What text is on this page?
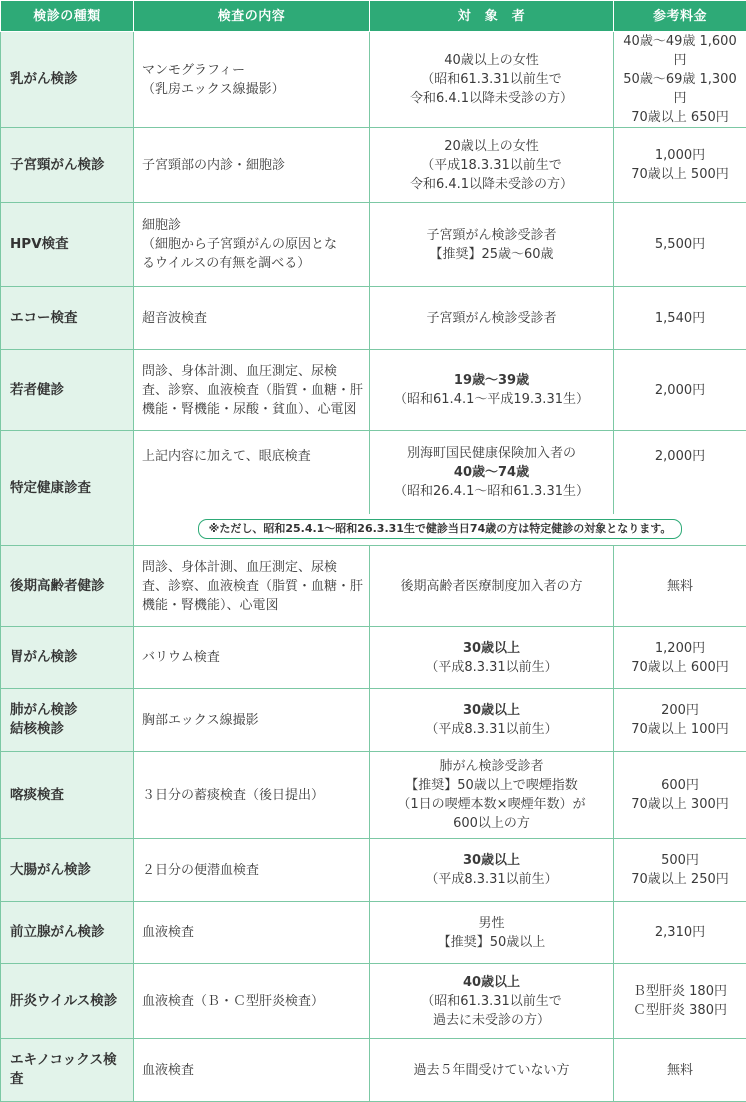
検診の種類	検査の内容	対　象　者	参考料金

乳がん検診	マンモグラフィー
（乳房エックス線撮影）	40歳以上の女性
（昭和61.3.31以前生で
令和6.4.1以降未受診の方）	40歳〜49歳 1,600円
50歳〜69歳 1,300円
70歳以上 650円

子宮頸がん検診	子宮頸部の内診・細胞診	20歳以上の女性
（平成18.3.31以前生で
令和6.4.1以降未受診の方）	1,000円
70歳以上 500円

HPV検査	細胞診
（細胞から子宮頸がんの原因とな
るウイルスの有無を調べる）	子宮頸がん検診受診者
【推奨】25歳〜60歳	5,500円

エコー検査	超音波検査	子宮頸がん検診受診者	1,540円

若者健診	問診、身体計測、血圧測定、尿検
査、診察、血液検査（脂質・血糖・肝
機能・腎機能・尿酸・貧血）、心電図	19歳〜39歳
（昭和61.4.1〜平成19.3.31生）	2,000円

特定健康診査	上記内容に加えて、眼底検査	別海町国民健康保険加入者の
40歳〜74歳
（昭和26.4.1〜昭和61.3.31生）	2,000円

	※ただし、昭和25.4.1〜昭和26.3.31生で健診当日74歳の方は特定健診の対象となります。		

後期高齢者健診	問診、身体計測、血圧測定、尿検
査、診察、血液検査（脂質・血糖・肝
機能・腎機能）、心電図	後期高齢者医療制度加入者の方	無料

胃がん検診	バリウム検査	30歳以上
（平成8.3.31以前生）	1,200円
70歳以上 600円

肺がん検診
結核検診	胸部エックス線撮影	30歳以上
（平成8.3.31以前生）	200円
70歳以上 100円

喀痰検査	３日分の蓄痰検査（後日提出）	肺がん検診受診者
【推奨】50歳以上で喫煙指数
（1日の喫煙本数×喫煙年数）が
600以上の方	600円
70歳以上 300円

大腸がん検診	２日分の便潜血検査	30歳以上
（平成8.3.31以前生）	500円
70歳以上 250円

前立腺がん検診	血液検査	男性
【推奨】50歳以上	2,310円

肝炎ウイルス検診	血液検査（Ｂ・Ｃ型肝炎検査）	40歳以上
（昭和61.3.31以前生で
過去に未受診の方）	Ｂ型肝炎 180円
Ｃ型肝炎 380円

エキノコックス検査	血液検査	過去５年間受けていない方	無料
